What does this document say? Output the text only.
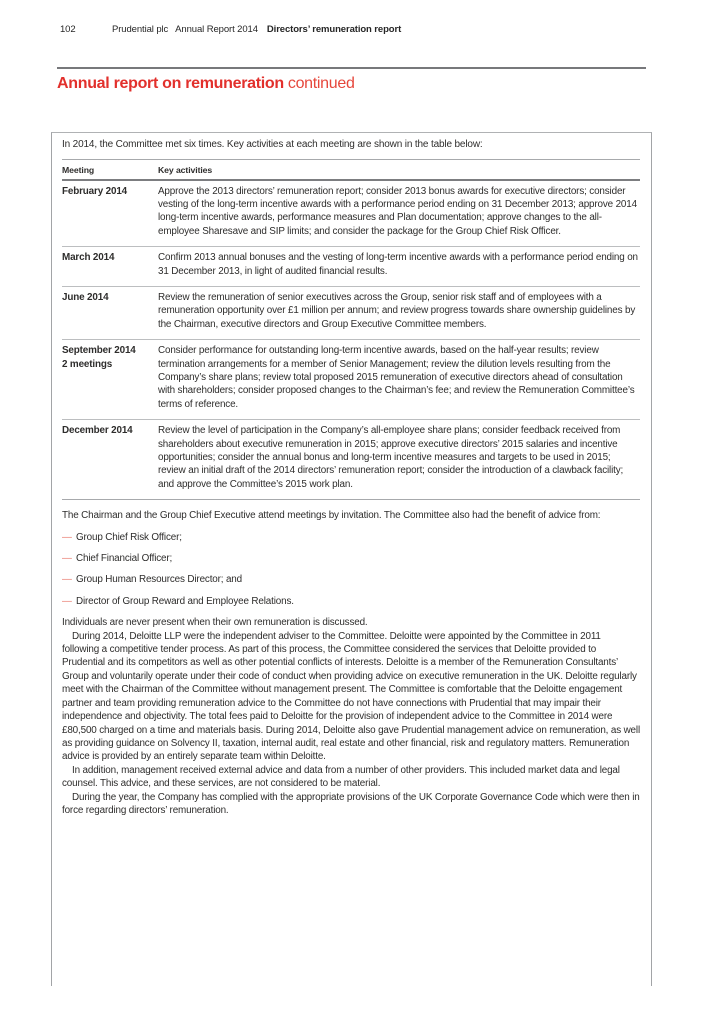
102	Prudential plc Annual Report 2014 Directors’ remuneration report
Annual report on remuneration continued

In 2014, the Committee met six times. Key activities at each meeting are shown in the table below:

Meeting	Key activities

February 2014	Approve the 2013 directors’ remuneration report; consider 2013 bonus awards for executive directors; consider vesting of the long-term incentive awards with a performance period ending on 31 December 2013; approve 2014 long-term incentive awards, performance measures and Plan documentation; approve changes to the all-employee Sharesave and SIP limits; and consider the package for the Group Chief Risk Officer.

March 2014	Confirm 2013 annual bonuses and the vesting of long-term incentive awards with a performance period ending on 31 December 2013, in light of audited financial results.

June 2014	Review the remuneration of senior executives across the Group, senior risk staff and of employees with a remuneration opportunity over £1 million per annum; and review progress towards share ownership guidelines by the Chairman, executive directors and Group Executive Committee members.

September 2014
2 meetings	Consider performance for outstanding long-term incentive awards, based on the half-year results; review termination arrangements for a member of Senior Management; review the dilution levels resulting from the Company’s share plans; review total proposed 2015 remuneration of executive directors ahead of consultation with shareholders; consider proposed changes to the Chairman’s fee; and review the Remuneration Committee’s terms of reference.

December 2014	Review the level of participation in the Company’s all-employee share plans; consider feedback received from shareholders about executive remuneration in 2015; approve executive directors’ 2015 salaries and incentive opportunities; consider the annual bonus and long-term incentive measures and targets to be used in 2015; review an initial draft of the 2014 directors’ remuneration report; consider the introduction of a clawback facility; and approve the Committee’s 2015 work plan.

The Chairman and the Group Chief Executive attend meetings by invitation. The Committee also had the benefit of advice from:

— Group Chief Risk Officer;
— Chief Financial Officer;
— Group Human Resources Director; and
— Director of Group Reward and Employee Relations.

Individuals are never present when their own remuneration is discussed.

During 2014, Deloitte LLP were the independent adviser to the Committee. Deloitte were appointed by the Committee in 2011 following a competitive tender process. As part of this process, the Committee considered the services that Deloitte provided to Prudential and its competitors as well as other potential conflicts of interests. Deloitte is a member of the Remuneration Consultants’ Group and voluntarily operate under their code of conduct when providing advice on executive remuneration in the UK. Deloitte regularly meet with the Chairman of the Committee without management present. The Committee is comfortable that the Deloitte engagement partner and team providing remuneration advice to the Committee do not have connections with Prudential that may impair their independence and objectivity. The total fees paid to Deloitte for the provision of independent advice to the Committee in 2014 were £80,500 charged on a time and materials basis. During 2014, Deloitte also gave Prudential management advice on remuneration, as well as providing guidance on Solvency II, taxation, internal audit, real estate and other financial, risk and regulatory matters. Remuneration advice is provided by an entirely separate team within Deloitte.

In addition, management received external advice and data from a number of other providers. This included market data and legal counsel. This advice, and these services, are not considered to be material.

During the year, the Company has complied with the appropriate provisions of the UK Corporate Governance Code which were then in force regarding directors’ remuneration.
